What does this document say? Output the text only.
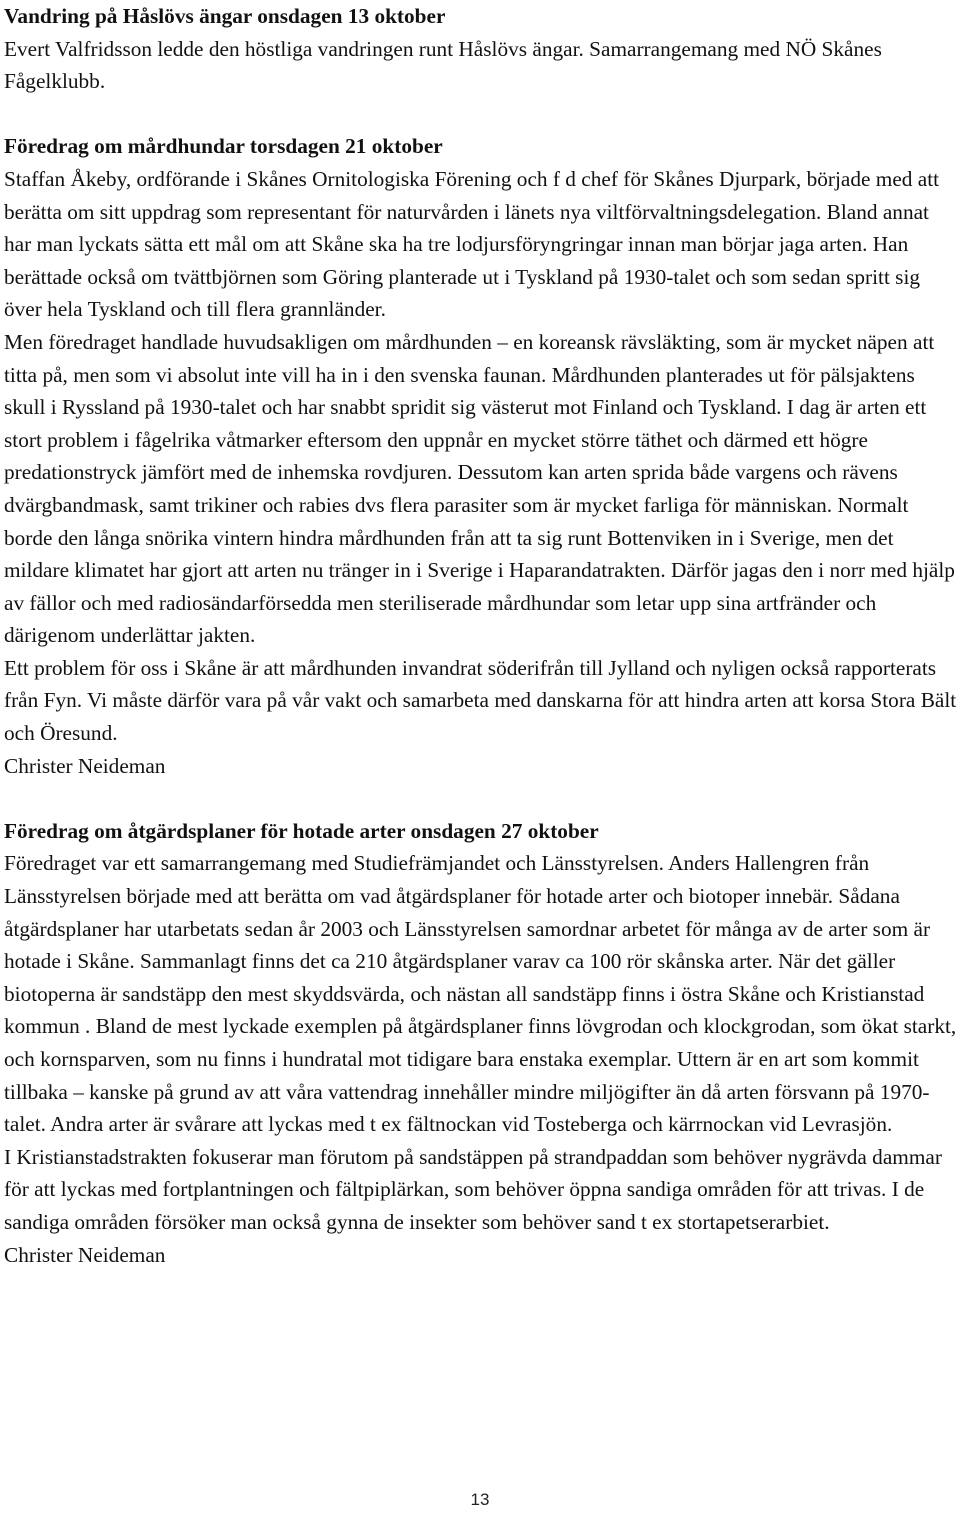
Vandring på Håslövs ängar onsdagen 13 oktober

Evert Valfridsson ledde den höstliga vandringen runt Håslövs ängar. Samarrangemang med NÖ Skånes Fågelklubb.

Föredrag om mårdhundar torsdagen 21 oktober

Staffan Åkeby, ordförande i Skånes Ornitologiska Förening och f d chef för Skånes Djurpark, började med att berätta om sitt uppdrag som representant för naturvården i länets nya viltförvaltningsdelegation. Bland annat har man lyckats sätta ett mål om att Skåne ska ha tre lodjursföryngringar innan man börjar jaga arten. Han berättade också om tvättbjörnen som Göring planterade ut i Tyskland på 1930-talet och som sedan spritt sig över hela Tyskland och till flera grannländer.

Men föredraget handlade huvudsakligen om mårdhunden – en koreansk rävsläkting, som är mycket näpen att titta på, men som vi absolut inte vill ha in i den svenska faunan. Mårdhunden planterades ut för pälsjaktens skull i Ryssland på 1930-talet och har snabbt spridit sig västerut mot Finland och Tyskland. I dag är arten ett stort problem i fågelrika våtmarker eftersom den uppnår en mycket större täthet och därmed ett högre predationstryck jämfört med de inhemska rovdjuren. Dessutom kan arten sprida både vargens och rävens dvärgbandmask, samt trikiner och rabies dvs flera parasiter som är mycket farliga för människan. Normalt borde den långa snörika vintern hindra mårdhunden från att ta sig runt Bottenviken in i Sverige, men det mildare klimatet har gjort att arten nu tränger in i Sverige i Haparandatrakten. Därför jagas den i norr med hjälp av fällor och med radiosändarförsedda men steriliserade mårdhundar som letar upp sina artfränder och därigenom underlättar jakten.

Ett problem för oss i Skåne är att mårdhunden invandrat söderifrån till Jylland och nyligen också rapporterats från Fyn. Vi måste därför vara på vår vakt och samarbeta med danskarna för att hindra arten att korsa Stora Bält och Öresund.

Christer Neideman

Föredrag om åtgärdsplaner för hotade arter onsdagen 27 oktober

Föredraget var ett samarrangemang med Studiefrämjandet och Länsstyrelsen. Anders Hallengren från Länsstyrelsen började med att berätta om vad åtgärdsplaner för hotade arter och biotoper innebär. Sådana åtgärdsplaner har utarbetats sedan år 2003 och Länsstyrelsen samordnar arbetet för många av de arter som är hotade i Skåne. Sammanlagt finns det ca 210 åtgärdsplaner varav ca 100 rör skånska arter. När det gäller biotoperna är sandstäpp den mest skyddsvärda, och nästan all sandstäpp finns i östra Skåne och Kristianstad kommun . Bland de mest lyckade exemplen på åtgärdsplaner finns lövgrodan och klockgrodan, som ökat starkt, och kornsparven, som nu finns i hundratal mot tidigare bara enstaka exemplar. Uttern är en art som kommit tillbaka – kanske på grund av att våra vattendrag innehåller mindre miljögifter än då arten försvann på 1970-talet. Andra arter är svårare att lyckas med t ex fältnockan vid Tosteberga och kärrnockan vid Levrasjön.

I Kristianstadstrakten fokuserar man förutom på sandstäppen på strandpaddan som behöver nygrävda dammar för att lyckas med fortplantningen och fältpiplärkan, som behöver öppna sandiga områden för att trivas. I de sandiga områden försöker man också gynna de insekter som behöver sand t ex stortapetserarbiet.

Christer Neideman

13
